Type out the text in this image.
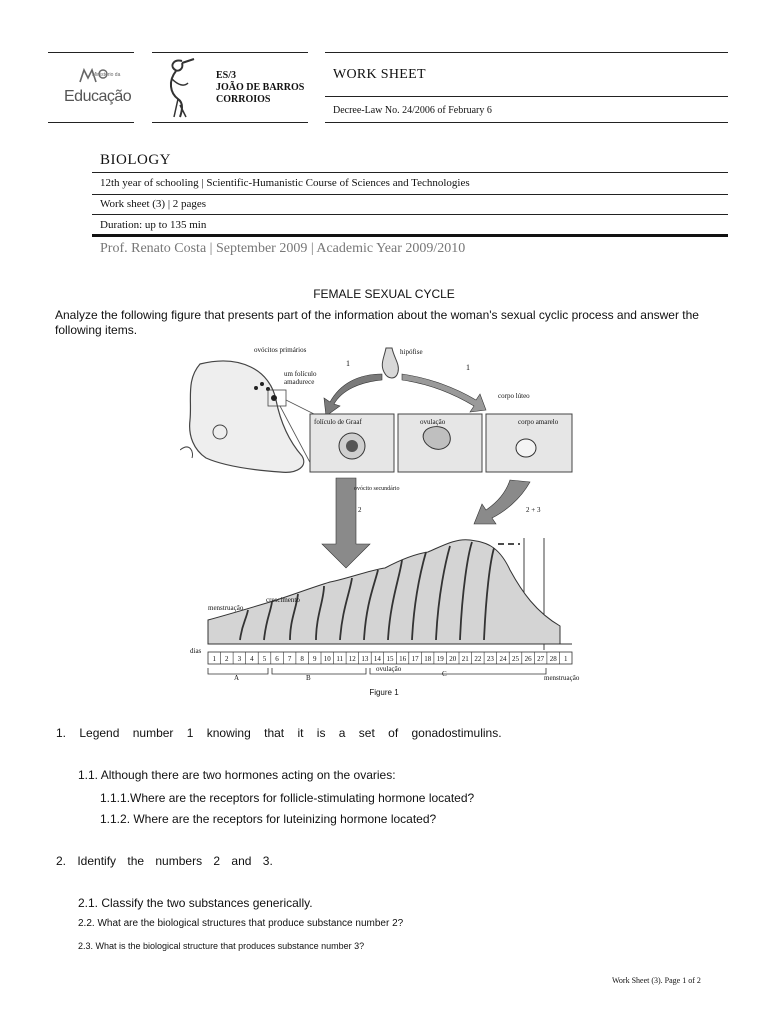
Ministério da
Educação
ES/3
JOÃO DE BARROS
CORROIOS
WORK SHEET
Decree-Law No. 24/2006 of February 6
BIOLOGY
12th year of schooling | Scientific-Humanistic Course of Sciences and Technologies
Work sheet (3) | 2 pages
Duration: up to 135 min
Prof. Renato Costa | September 2009 | Academic Year 2009/2010
FEMALE SEXUAL CYCLE
Analyze the following figure that presents part of the information about the woman's sexual cyclic process and answer the following items.
1 2 3 4 5 6 7 8 9 10 11 12 13 14 15 16 17 18 19 20 21 22 23 24 25 26 27 28 1
ovócitos primários
um folículo
amadurece
hipófise
1	1
corpo lúteo
folículo de Graaf	ovulação	corpo amarelo
ovócito secundário
2	2 + 3
menstruação
crescimento
dias
A	B	C
ovulação
menstruação
Figure 1
1. Legend number 1 knowing that it is a set of gonadostimulins.
1.1. Although there are two hormones acting on the ovaries:
1.1.1.Where are the receptors for follicle-stimulating hormone located?
1.1.2. Where are the receptors for luteinizing hormone located?
2. Identify the numbers 2 and 3.
2.1. Classify the two substances generically.
2.2. What are the biological structures that produce substance number 2?
2.3. What is the biological structure that produces substance number 3?
Work Sheet (3). Page 1 of 2
